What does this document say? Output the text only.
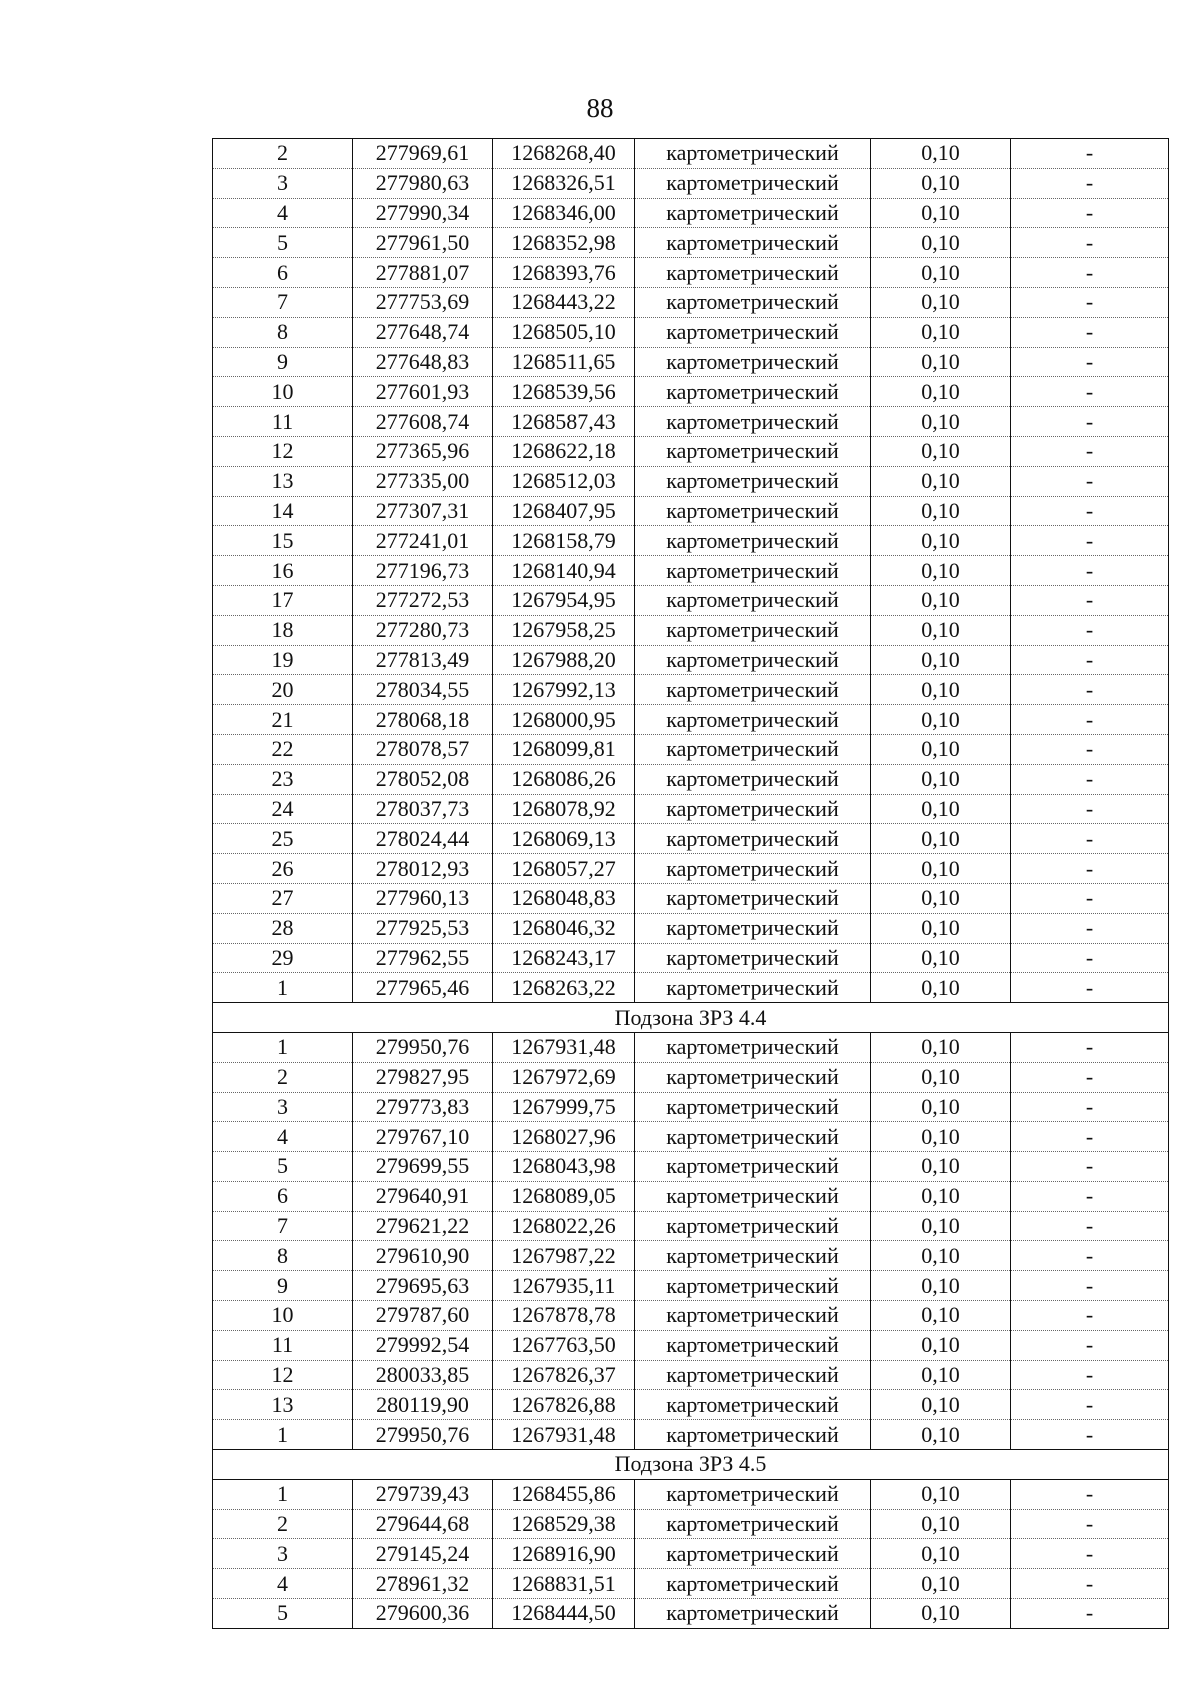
88
2	277969,61	1268268,40	картометрический	0,10	-
3	277980,63	1268326,51	картометрический	0,10	-
4	277990,34	1268346,00	картометрический	0,10	-
5	277961,50	1268352,98	картометрический	0,10	-
6	277881,07	1268393,76	картометрический	0,10	-
7	277753,69	1268443,22	картометрический	0,10	-
8	277648,74	1268505,10	картометрический	0,10	-
9	277648,83	1268511,65	картометрический	0,10	-
10	277601,93	1268539,56	картометрический	0,10	-
11	277608,74	1268587,43	картометрический	0,10	-
12	277365,96	1268622,18	картометрический	0,10	-
13	277335,00	1268512,03	картометрический	0,10	-
14	277307,31	1268407,95	картометрический	0,10	-
15	277241,01	1268158,79	картометрический	0,10	-
16	277196,73	1268140,94	картометрический	0,10	-
17	277272,53	1267954,95	картометрический	0,10	-
18	277280,73	1267958,25	картометрический	0,10	-
19	277813,49	1267988,20	картометрический	0,10	-
20	278034,55	1267992,13	картометрический	0,10	-
21	278068,18	1268000,95	картометрический	0,10	-
22	278078,57	1268099,81	картометрический	0,10	-
23	278052,08	1268086,26	картометрический	0,10	-
24	278037,73	1268078,92	картометрический	0,10	-
25	278024,44	1268069,13	картометрический	0,10	-
26	278012,93	1268057,27	картометрический	0,10	-
27	277960,13	1268048,83	картометрический	0,10	-
28	277925,53	1268046,32	картометрический	0,10	-
29	277962,55	1268243,17	картометрический	0,10	-
1	277965,46	1268263,22	картометрический	0,10	-
Подзона ЗРЗ 4.4					
1	279950,76	1267931,48	картометрический	0,10	-
2	279827,95	1267972,69	картометрический	0,10	-
3	279773,83	1267999,75	картометрический	0,10	-
4	279767,10	1268027,96	картометрический	0,10	-
5	279699,55	1268043,98	картометрический	0,10	-
6	279640,91	1268089,05	картометрический	0,10	-
7	279621,22	1268022,26	картометрический	0,10	-
8	279610,90	1267987,22	картометрический	0,10	-
9	279695,63	1267935,11	картометрический	0,10	-
10	279787,60	1267878,78	картометрический	0,10	-
11	279992,54	1267763,50	картометрический	0,10	-
12	280033,85	1267826,37	картометрический	0,10	-
13	280119,90	1267826,88	картометрический	0,10	-
1	279950,76	1267931,48	картометрический	0,10	-
Подзона ЗРЗ 4.5					
1	279739,43	1268455,86	картометрический	0,10	-
2	279644,68	1268529,38	картометрический	0,10	-
3	279145,24	1268916,90	картометрический	0,10	-
4	278961,32	1268831,51	картометрический	0,10	-
5	279600,36	1268444,50	картометрический	0,10	-
